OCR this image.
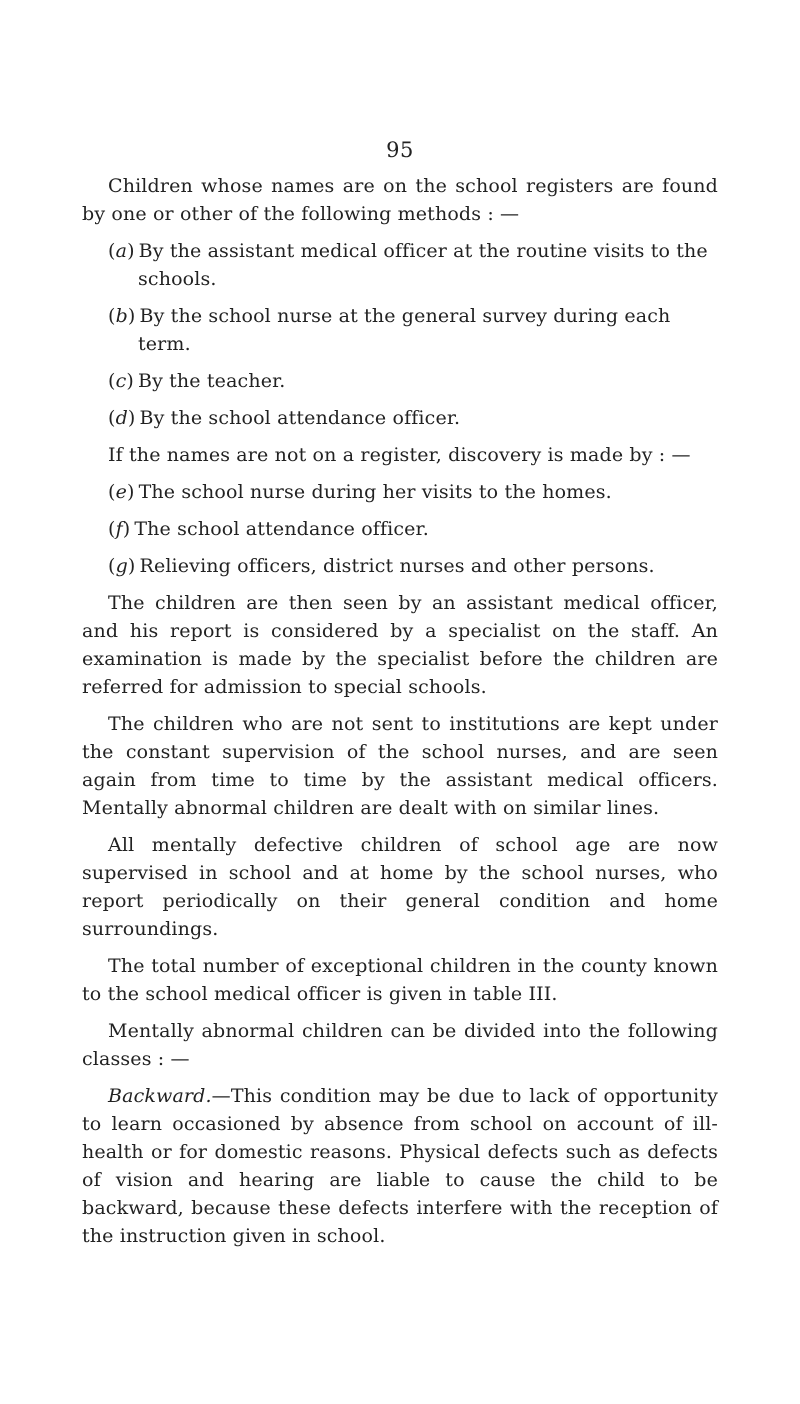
95

Children whose names are on the school registers are found by one or other of the following methods : —

(a) By the assistant medical officer at the routine visits to the schools.

(b) By the school nurse at the general survey during each term.

(c) By the teacher.

(d) By the school attendance officer.

If the names are not on a register, discovery is made by : —

(e) The school nurse during her visits to the homes.

(f) The school attendance officer.

(g) Relieving officers, district nurses and other persons.

The children are then seen by an assistant medical officer, and his report is considered by a specialist on the staff. An examination is made by the specialist before the children are referred for admission to special schools.

The children who are not sent to institutions are kept under the constant supervision of the school nurses, and are seen again from time to time by the assistant medical officers. Mentally abnormal children are dealt with on similar lines.

All mentally defective children of school age are now supervised in school and at home by the school nurses, who report periodically on their general condition and home surroundings.

The total number of exceptional children in the county known to the school medical officer is given in table III.

Mentally abnormal children can be divided into the following classes : —

Backward.—This condition may be due to lack of opportunity to learn occasioned by absence from school on account of ill-health or for domestic reasons. Physical defects such as defects of vision and hearing are liable to cause the child to be backward, because these defects interfere with the reception of the instruction given in school.
